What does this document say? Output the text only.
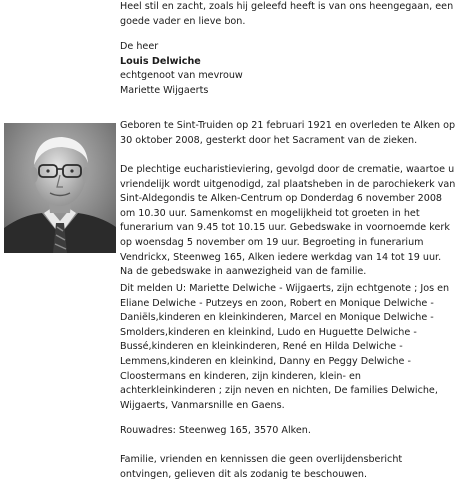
Heel stil en zacht, zoals hij geleefd heeft is van ons heengegaan, een goede vader en lieve bon.

De heer

Louis Delwiche

echtgenoot van mevrouw

Mariette Wijgaerts

Geboren te Sint-Truiden op 21 februari 1921 en overleden te Alken op 30 oktober 2008, gesterkt door het Sacrament van de zieken.

De plechtige eucharistieviering, gevolgd door de crematie, waartoe u vriendelijk wordt uitgenodigd, zal plaatsheben in de parochiekerk van Sint-Aldegondis te Alken-Centrum op Donderdag 6 november 2008 om 10.30 uur. Samenkomst en mogelijkheid tot groeten in het funerarium van 9.45 tot 10.15 uur. Gebedswake in voornoemde kerk op woensdag 5 november om 19 uur. Begroeting in funerarium Vendrickx, Steenweg 165, Alken iedere werkdag van 14 tot 19 uur. Na de gebedswake in aanwezigheid van de familie.

Dit melden U: Mariette Delwiche - Wijgaerts, zijn echtgenote ; Jos en Eliane Delwiche - Putzeys en zoon, Robert en Monique Delwiche - Daniëls,kinderen en kleinkinderen, Marcel en Monique Delwiche - Smolders,kinderen en kleinkind, Ludo en Huguette Delwiche - Bussé,kinderen en kleinkinderen, René en Hilda Delwiche - Lemmens,kinderen en kleinkind, Danny en Peggy Delwiche - Cloostermans en kinderen, zijn kinderen, klein- en achterkleinkinderen ; zijn neven en nichten, De families Delwiche, Wijgaerts, Vanmarsnille en Gaens.

Rouwadres: Steenweg 165, 3570 Alken.

Familie, vrienden en kennissen die geen overlijdensbericht ontvingen, gelieven dit als zodanig te beschouwen.
